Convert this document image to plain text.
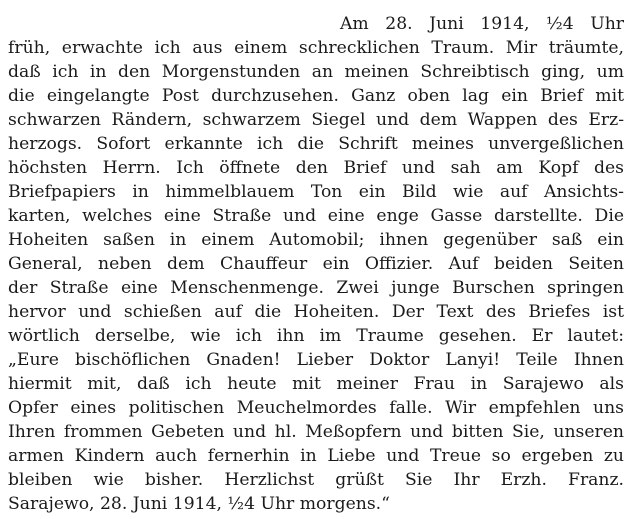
Am 28. Juni 1914, ½4 Uhr
früh, erwachte ich aus einem schrecklichen Traum. Mir träumte,
daß ich in den Morgenstunden an meinen Schreibtisch ging, um
die eingelangte Post durchzusehen. Ganz oben lag ein Brief mit
schwarzen Rändern, schwarzem Siegel und dem Wappen des Erz-
herzogs. Sofort erkannte ich die Schrift meines unvergeßlichen
höchsten Herrn. Ich öffnete den Brief und sah am Kopf des
Briefpapiers in himmelblauem Ton ein Bild wie auf Ansichts-
karten, welches eine Straße und eine enge Gasse darstellte. Die
Hoheiten saßen in einem Automobil; ihnen gegenüber saß ein
General, neben dem Chauffeur ein Offizier. Auf beiden Seiten
der Straße eine Menschenmenge. Zwei junge Burschen springen
hervor und schießen auf die Hoheiten. Der Text des Briefes ist
wörtlich derselbe, wie ich ihn im Traume gesehen. Er lautet:
„Eure bischöflichen Gnaden! Lieber Doktor Lanyi! Teile Ihnen
hiermit mit, daß ich heute mit meiner Frau in Sarajewo als
Opfer eines politischen Meuchelmordes falle. Wir empfehlen uns
Ihren frommen Gebeten und hl. Meßopfern und bitten Sie, unseren
armen Kindern auch fernerhin in Liebe und Treue so ergeben zu
bleiben wie bisher. Herzlichst grüßt Sie Ihr Erzh. Franz.
Sarajewo, 28. Juni 1914, ½4 Uhr morgens.“
